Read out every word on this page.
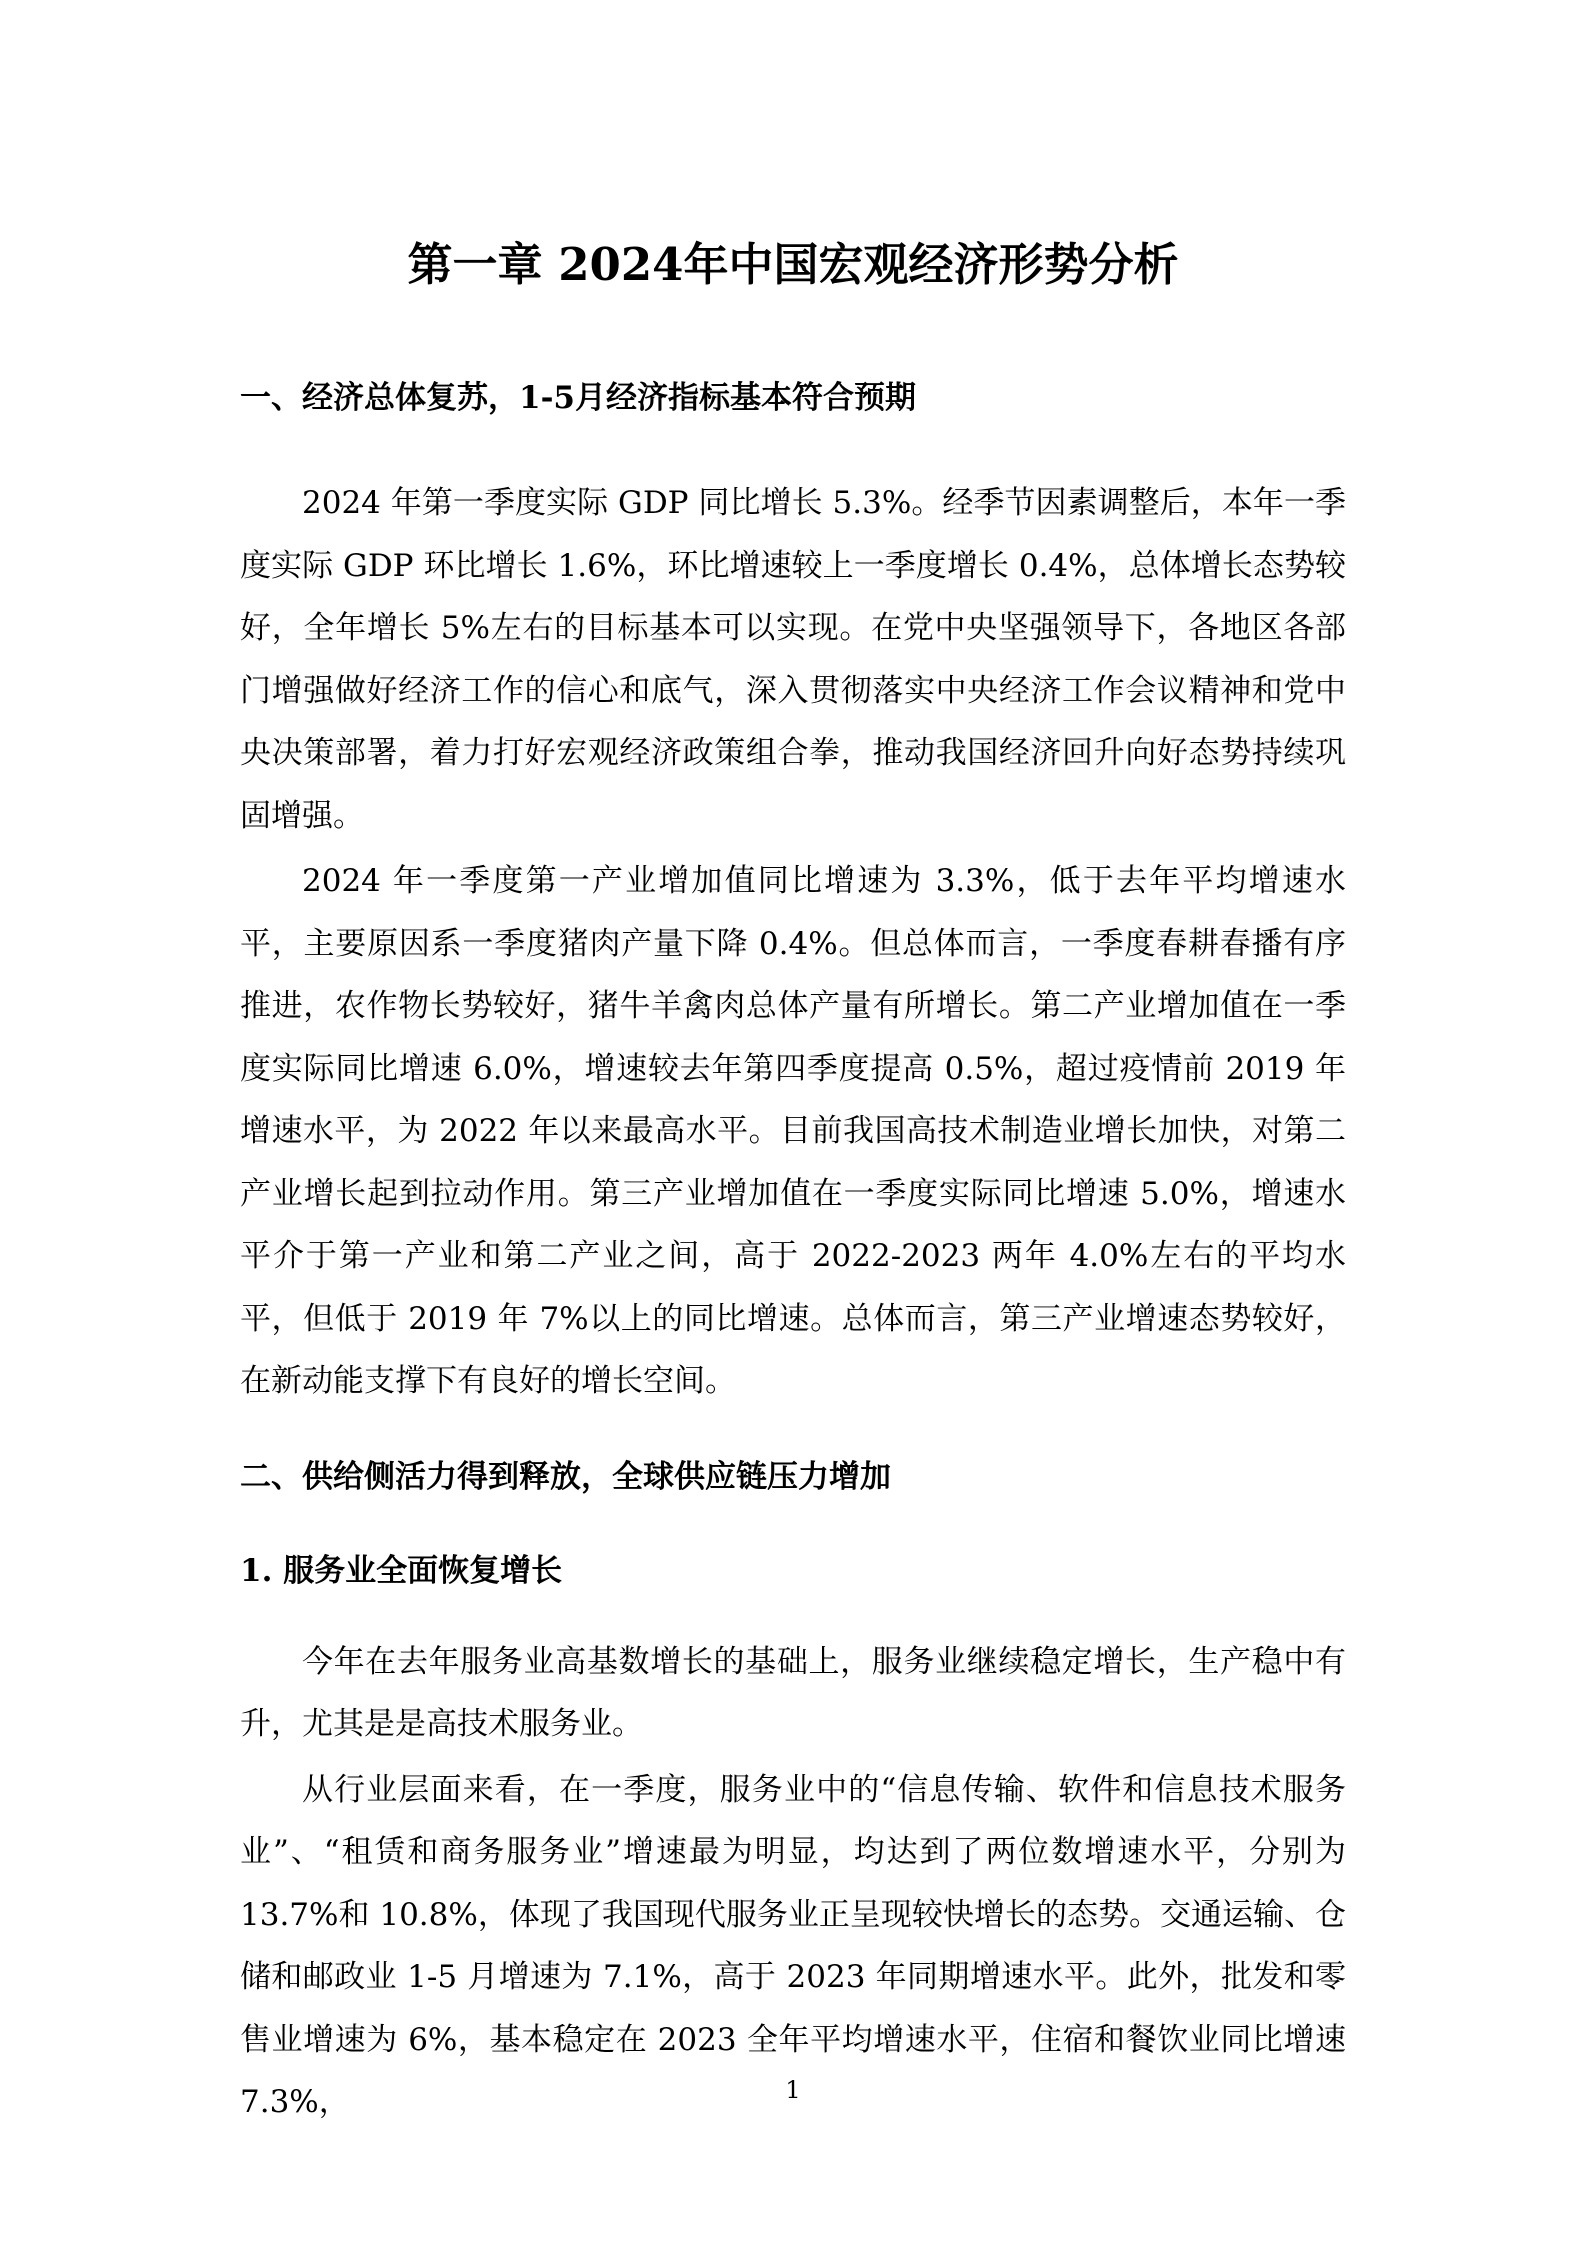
第一章 2024年中国宏观经济形势分析
一、经济总体复苏，1-5月经济指标基本符合预期

2024 年第一季度实际 GDP 同比增长 5.3%。经季节因素调整后，本年一季度实际 GDP 环比增长 1.6%，环比增速较上一季度增长 0.4%，总体增长态势较好，全年增长 5%左右的目标基本可以实现。在党中央坚强领导下，各地区各部门增强做好经济工作的信心和底气，深入贯彻落实中央经济工作会议精神和党中央决策部署，着力打好宏观经济政策组合拳，推动我国经济回升向好态势持续巩固增强。

2024 年一季度第一产业增加值同比增速为 3.3%，低于去年平均增速水平，主要原因系一季度猪肉产量下降 0.4%。但总体而言，一季度春耕春播有序推进，农作物长势较好，猪牛羊禽肉总体产量有所增长。第二产业增加值在一季度实际同比增速 6.0%，增速较去年第四季度提高 0.5%，超过疫情前 2019 年增速水平，为 2022 年以来最高水平。目前我国高技术制造业增长加快，对第二产业增长起到拉动作用。第三产业增加值在一季度实际同比增速 5.0%，增速水平介于第一产业和第二产业之间，高于 2022-2023 两年 4.0%左右的平均水平，但低于 2019 年 7%以上的同比增速。总体而言，第三产业增速态势较好，在新动能支撑下有良好的增长空间。

二、供给侧活力得到释放，全球供应链压力增加
1. 服务业全面恢复增长

今年在去年服务业高基数增长的基础上，服务业继续稳定增长，生产稳中有升，尤其是是高技术服务业。

从行业层面来看，在一季度，服务业中的“信息传输、软件和信息技术服务业”、“租赁和商务服务业”增速最为明显，均达到了两位数增速水平，分别为 13.7%和 10.8%，体现了我国现代服务业正呈现较快增长的态势。交通运输、仓储和邮政业 1-5 月增速为 7.1%，高于 2023 年同期增速水平。此外，批发和零售业增速为 6%，基本稳定在 2023 全年平均增速水平，住宿和餐饮业同比增速 7.3%，	1
